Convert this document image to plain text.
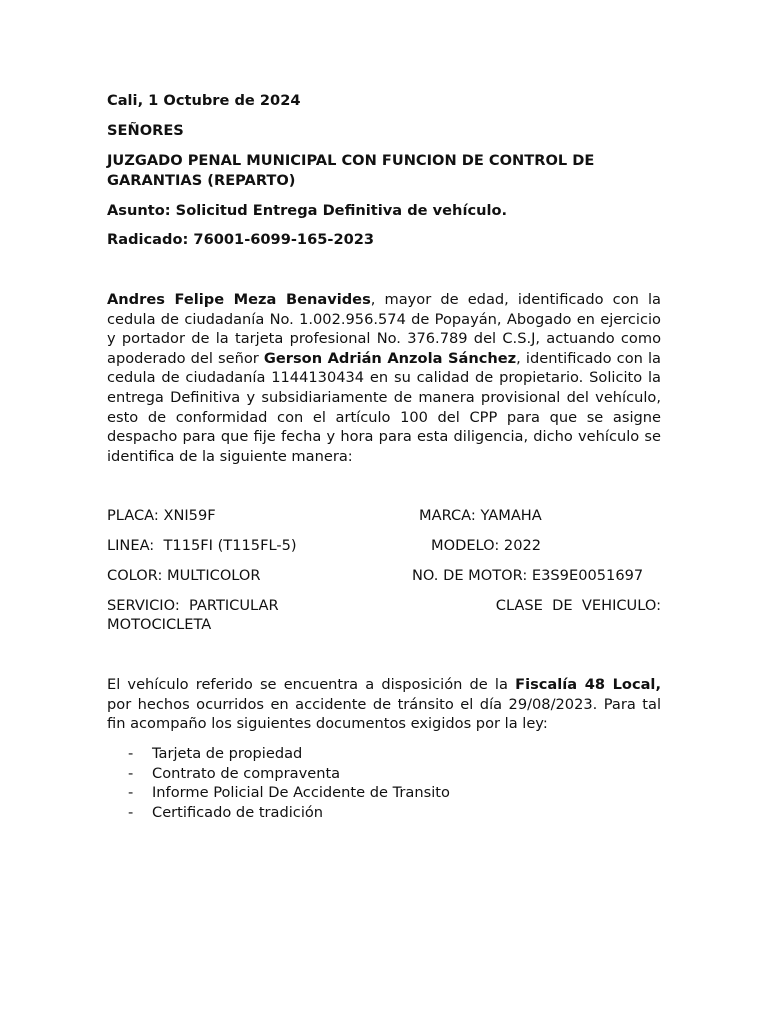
Cali, 1 Octubre de 2024
SEÑORES
JUZGADO PENAL MUNICIPAL CON FUNCION DE CONTROL DE GARANTIAS (REPARTO)
Asunto: Solicitud Entrega Definitiva de vehículo.
Radicado: 76001-6099-165-2023
Andres Felipe Meza Benavides, mayor de edad, identificado con la cedula de ciudadanía No. 1.002.956.574 de Popayán, Abogado en ejercicio y portador de la tarjeta profesional No. 376.789 del C.S.J, actuando como apoderado del señor Gerson Adrián Anzola Sánchez, identificado con la cedula de ciudadanía 1144130434 en su calidad de propietario. Solicito la entrega Definitiva y subsidiariamente de manera provisional del vehículo, esto de conformidad con el artículo 100 del CPP para que se asigne despacho para que fije fecha y hora para esta diligencia, dicho vehículo se identifica de la siguiente manera:
PLACA: XNI59F	MARCA: YAMAHA
LINEA:  T115FI (T115FL-5)	MODELO: 2022
COLOR: MULTICOLOR	NO. DE MOTOR: E3S9E0051697
SERVICIO:  PARTICULAR	CLASE  DE  VEHICULO:
MOTOCICLETA
El vehículo referido se encuentra a disposición de la Fiscalía 48 Local, por hechos ocurridos en accidente de tránsito el día 29/08/2023. Para tal fin acompaño los siguientes documentos exigidos por la ley:
- Tarjeta de propiedad
- Contrato de compraventa
- Informe Policial De Accidente de Transito
- Certificado de tradición
